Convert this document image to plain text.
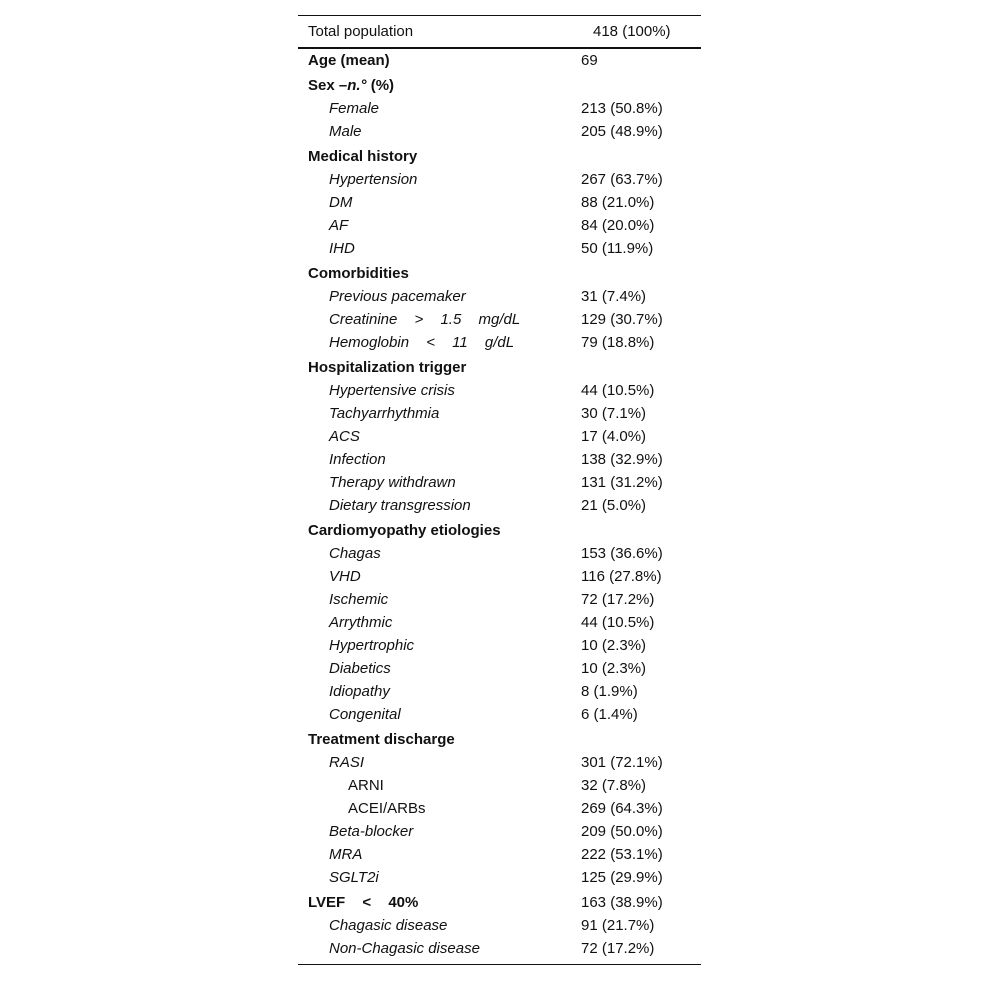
Total population	418 (100%)
Age (mean)	69
Sex –n.° (%)
Female	213 (50.8%)
Male	205 (48.9%)
Medical history
Hypertension	267 (63.7%)
DM	88 (21.0%)
AF	84 (20.0%)
IHD	50 (11.9%)
Comorbidities
Previous pacemaker	31 (7.4%)
Creatinine > 1.5 mg/dL	129 (30.7%)
Hemoglobin < 11 g/dL	79 (18.8%)
Hospitalization trigger
Hypertensive crisis	44 (10.5%)
Tachyarrhythmia	30 (7.1%)
ACS	17 (4.0%)
Infection	138 (32.9%)
Therapy withdrawn	131 (31.2%)
Dietary transgression	21 (5.0%)
Cardiomyopathy etiologies
Chagas	153 (36.6%)
VHD	116 (27.8%)
Ischemic	72 (17.2%)
Arrythmic	44 (10.5%)
Hypertrophic	10 (2.3%)
Diabetics	10 (2.3%)
Idiopathy	8 (1.9%)
Congenital	6 (1.4%)
Treatment discharge
RASI	301 (72.1%)
ARNI	32 (7.8%)
ACEI/ARBs	269 (64.3%)
Beta-blocker	209 (50.0%)
MRA	222 (53.1%)
SGLT2i	125 (29.9%)
LVEF < 40%	163 (38.9%)
Chagasic disease	91 (21.7%)
Non-Chagasic disease	72 (17.2%)
